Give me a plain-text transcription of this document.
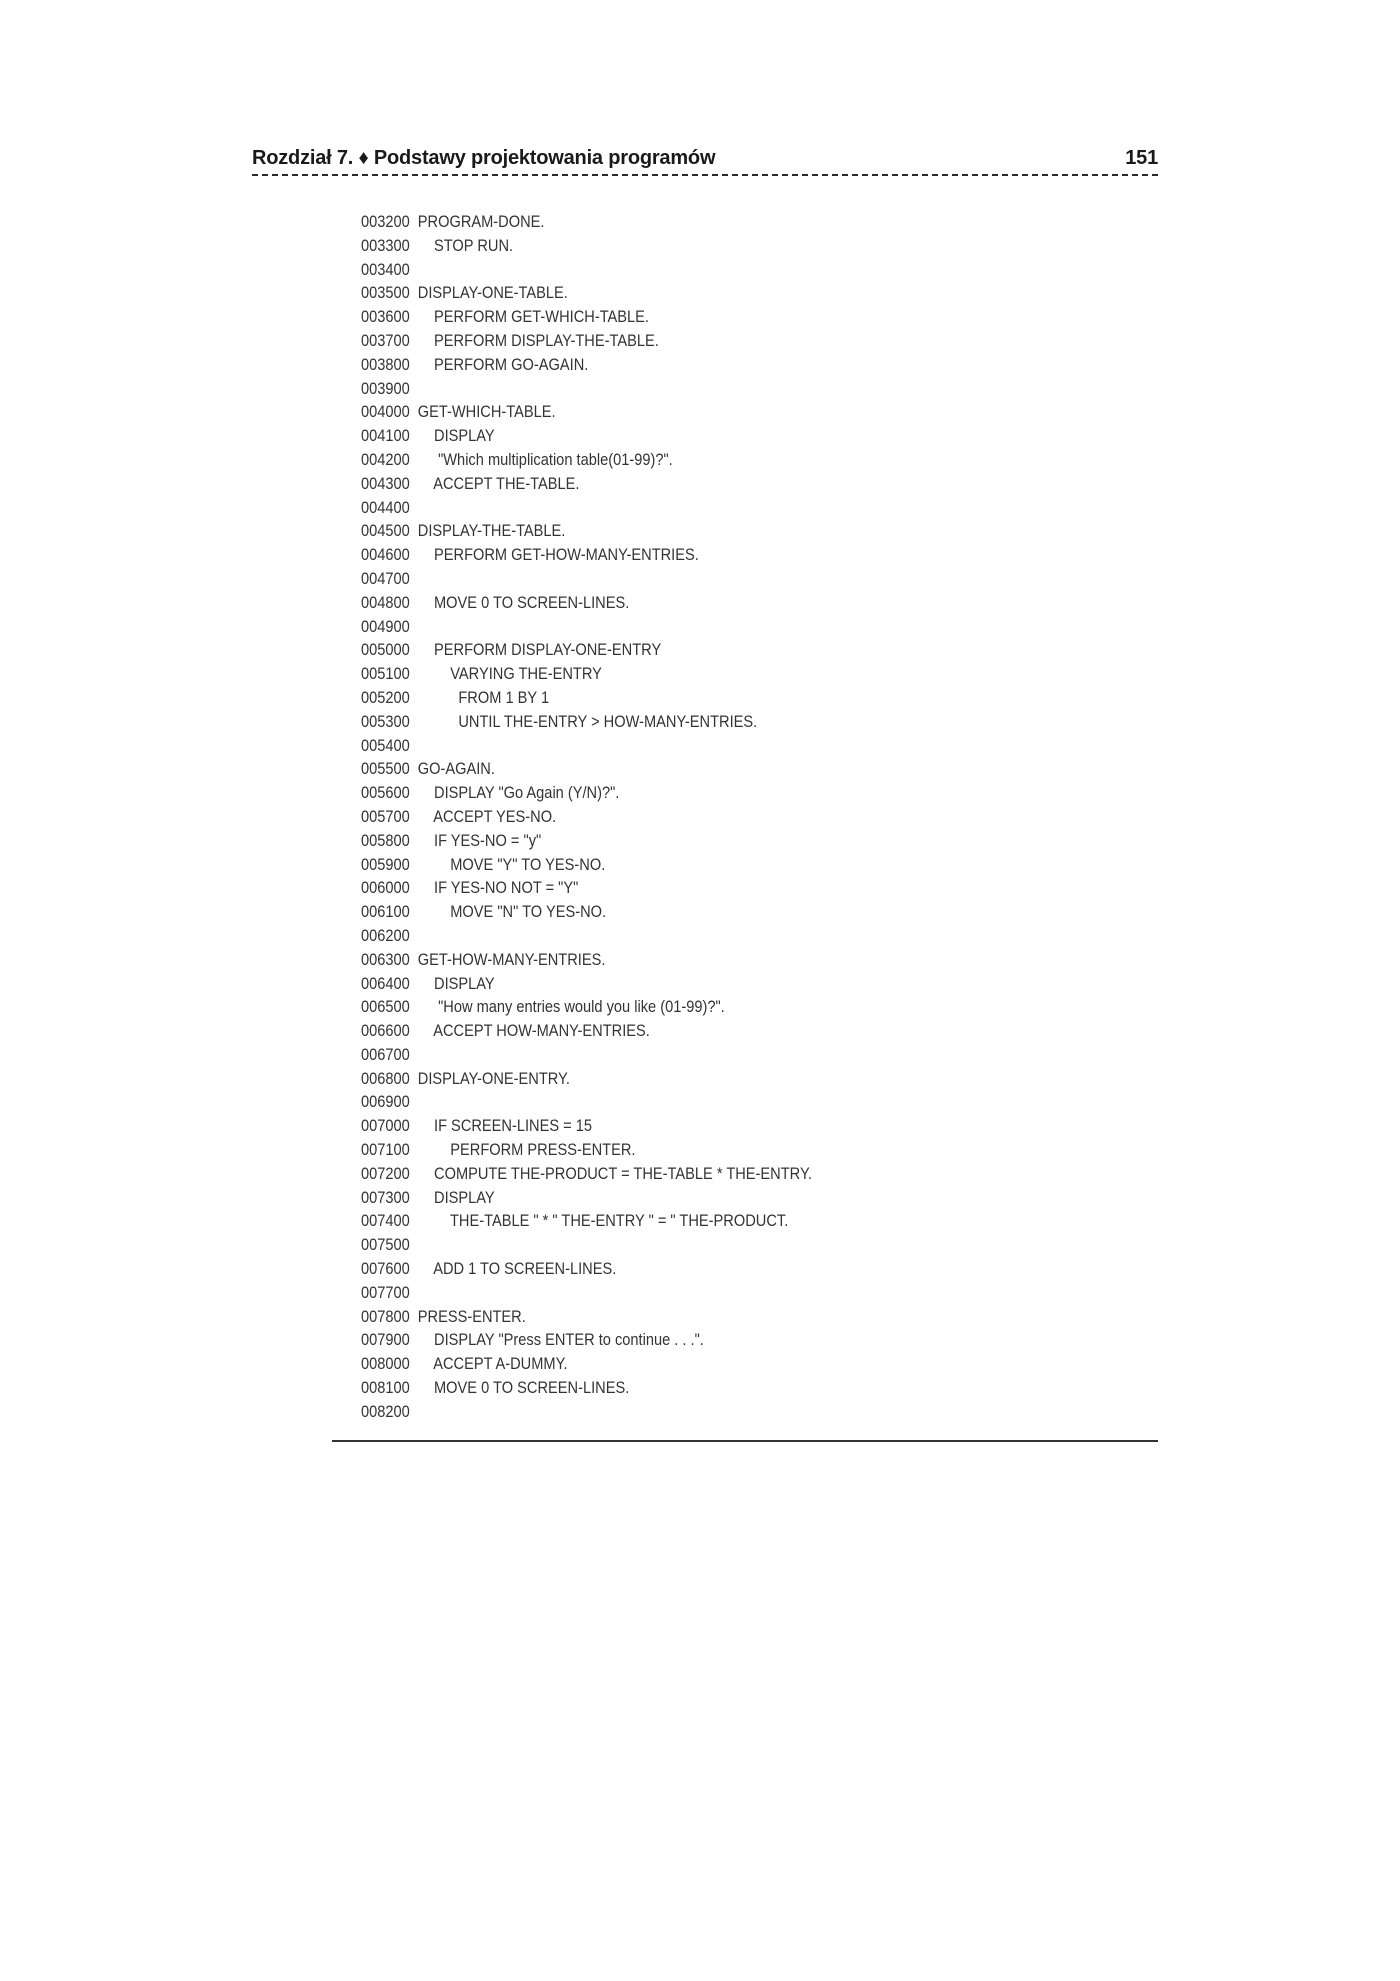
Rozdział 7. ♦ Podstawy projektowania programów	151
003200 PROGRAM-DONE.
003300    STOP RUN.
003400
003500 DISPLAY-ONE-TABLE.
003600    PERFORM GET-WHICH-TABLE.
003700    PERFORM DISPLAY-THE-TABLE.
003800    PERFORM GO-AGAIN.
003900
004000 GET-WHICH-TABLE.
004100    DISPLAY
004200     "Which multiplication table(01-99)?".
004300    ACCEPT THE-TABLE.
004400
004500 DISPLAY-THE-TABLE.
004600    PERFORM GET-HOW-MANY-ENTRIES.
004700
004800    MOVE 0 TO SCREEN-LINES.
004900
005000    PERFORM DISPLAY-ONE-ENTRY
005100        VARYING THE-ENTRY
005200          FROM 1 BY 1
005300          UNTIL THE-ENTRY > HOW-MANY-ENTRIES.
005400
005500 GO-AGAIN.
005600    DISPLAY "Go Again (Y/N)?".
005700    ACCEPT YES-NO.
005800    IF YES-NO = "y"
005900        MOVE "Y" TO YES-NO.
006000    IF YES-NO NOT = "Y"
006100        MOVE "N" TO YES-NO.
006200
006300 GET-HOW-MANY-ENTRIES.
006400    DISPLAY
006500     "How many entries would you like (01-99)?".
006600    ACCEPT HOW-MANY-ENTRIES.
006700
006800 DISPLAY-ONE-ENTRY.
006900
007000    IF SCREEN-LINES = 15
007100        PERFORM PRESS-ENTER.
007200    COMPUTE THE-PRODUCT = THE-TABLE * THE-ENTRY.
007300    DISPLAY
007400        THE-TABLE " * " THE-ENTRY " = " THE-PRODUCT.
007500
007600    ADD 1 TO SCREEN-LINES.
007700
007800 PRESS-ENTER.
007900    DISPLAY "Press ENTER to continue . . .".
008000    ACCEPT A-DUMMY.
008100    MOVE 0 TO SCREEN-LINES.
008200
